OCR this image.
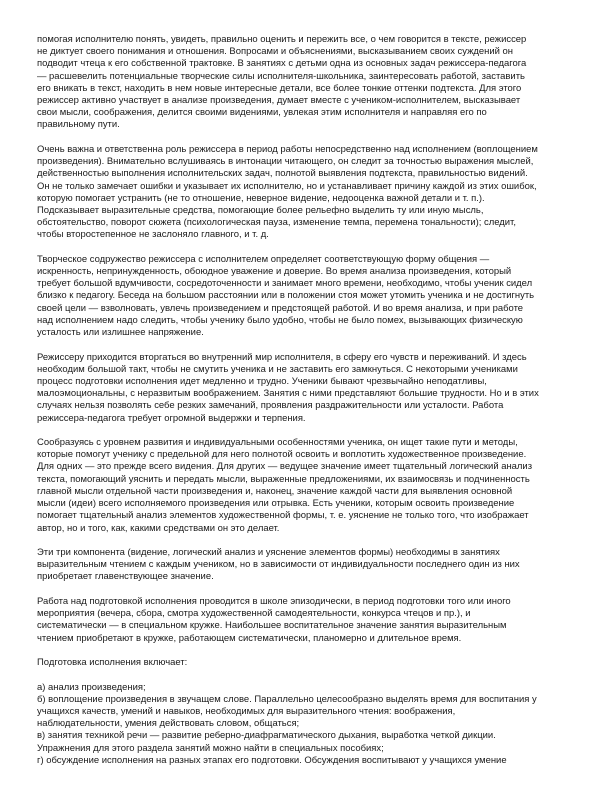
помогая исполнителю понять, увидеть, правильно оценить и пережить все, о чем говорится в тексте, режиссер
не диктует своего понимания и отношения. Вопросами и объяснениями, высказыванием своих суждений он
подводит чтеца к его собственной трактовке. В занятиях с детьми одна из основных задач режиссера-педагога
— расшевелить потенциальные творческие силы исполнителя-школьника, заинтересовать работой, заставить
его вникать в текст, находить в нем новые интересные детали, все более тонкие оттенки подтекста. Для этого
режиссер активно участвует в анализе произведения, думает вместе с учеником-исполнителем, высказывает
свои мысли, соображения, делится своими видениями, увлекая этим исполнителя и направляя его по
правильному пути.
Очень важна и ответственна роль режиссера в период работы непосредственно над исполнением (воплощением
произведения). Внимательно вслушиваясь в интонации читающего, он следит за точностью выражения мыслей,
действенностью выполнения исполнительских задач, полнотой выявления подтекста, правильностью видений.
Он не только замечает ошибки и указывает их исполнителю, но и устанавливает причину каждой из этих ошибок,
которую помогает устранить (не то отношение, неверное видение, недооценка важной детали и т. п.).
Подсказывает выразительные средства, помогающие более рельефно выделить ту или иную мысль,
обстоятельство, поворот сюжета (психологическая пауза, изменение темпа, перемена тональности); следит,
чтобы второстепенное не заслоняло главного, и т. д.
Творческое содружество режиссера с исполнителем определяет соответствующую форму общения —
искренность, непринужденность, обоюдное уважение и доверие. Во время анализа произведения, который
требует большой вдумчивости, сосредоточенности и занимает много времени, необходимо, чтобы ученик сидел
близко к педагогу. Беседа на большом расстоянии или в положении стоя может утомить ученика и не достигнуть
своей цели — взволновать, увлечь произведением и предстоящей работой. И во время анализа, и при работе
над исполнением надо следить, чтобы ученику было удобно, чтобы не было помех, вызывающих физическую
усталость или излишнее напряжение.
Режиссеру приходится вторгаться во внутренний мир исполнителя, в сферу его чувств и переживаний. И здесь
необходим большой такт, чтобы не смутить ученика и не заставить его замкнуться. С некоторыми учениками
процесс подготовки исполнения идет медленно и трудно. Ученики бывают чрезвычайно неподатливы,
малоэмоциональны, с неразвитым воображением. Занятия с ними представляют большие трудности. Но и в этих
случаях нельзя позволять себе резких замечаний, проявления раздражительности или усталости. Работа
режиссера-педагога требует огромной выдержки и терпения.
Сообразуясь с уровнем развития и индивидуальными особенностями ученика, он ищет такие пути и методы,
которые помогут ученику с предельной для него полнотой освоить и воплотить художественное произведение.
Для одних — это прежде всего видения. Для других — ведущее значение имеет тщательный логический анализ
текста, помогающий уяснить и передать мысли, выраженные предложениями, их взаимосвязь и подчиненность
главной мысли отдельной части произведения и, наконец, значение каждой части для выявления основной
мысли (идеи) всего исполняемого произведения или отрывка. Есть ученики, которым освоить произведение
помогает тщательный анализ элементов художественной формы, т. е. уяснение не только того, что изображает
автор, но и того, как, какими средствами он это делает.
Эти три компонента (видение, логический анализ и уяснение элементов формы) необходимы в занятиях
выразительным чтением с каждым учеником, но в зависимости от индивидуальности последнего один из них
приобретает главенствующее значение.
Работа над подготовкой исполнения проводится в школе эпизодически, в период подготовки того или иного
мероприятия (вечера, сбора, смотра художественной самодеятельности, конкурса чтецов и пр.), и
систематически — в специальном кружке. Наибольшее воспитательное значение занятия выразительным
чтением приобретают в кружке, работающем систематически, планомерно и длительное время.
Подготовка исполнения включает:
а) анализ произведения;
б) воплощение произведения в звучащем слове. Параллельно целесообразно выделять время для воспитания у
учащихся качеств, умений и навыков, необходимых для выразительного чтения: воображения,
наблюдательности, умения действовать словом, общаться;
в) занятия техникой речи — развитие реберно-диафрагматического дыхания, выработка четкой дикции.
Упражнения для этого раздела занятий можно найти в специальных пособиях;
г) обсуждение исполнения на разных этапах его подготовки. Обсуждения воспитывают у учащихся умение
